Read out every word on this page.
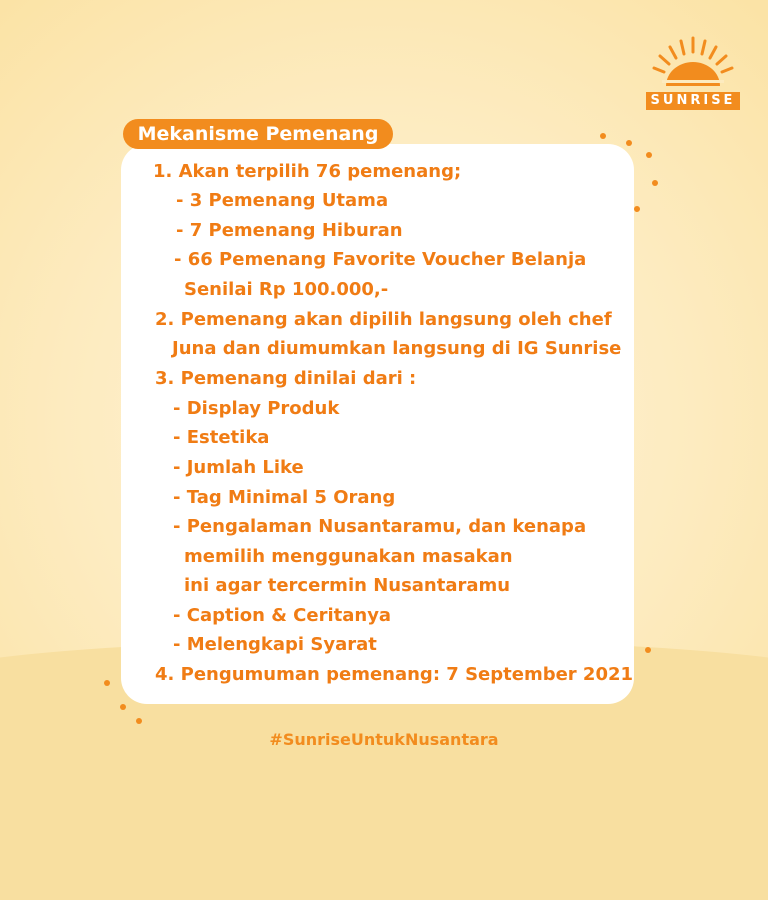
SUNRISE
Mekanisme Pemenang
1. Akan terpilih 76 pemenang;
- 3 Pemenang Utama
- 7 Pemenang Hiburan
- 66 Pemenang Favorite Voucher Belanja
Senilai Rp 100.000,-
2. Pemenang akan dipilih langsung oleh chef
Juna dan diumumkan langsung di IG Sunrise
3. Pemenang dinilai dari :
- Display Produk
- Estetika
- Jumlah Like
- Tag Minimal 5 Orang
- Pengalaman Nusantaramu, dan kenapa
memilih menggunakan masakan
ini agar tercermin Nusantaramu
- Caption & Ceritanya
- Melengkapi Syarat
4. Pengumuman pemenang: 7 September 2021
#SunriseUntukNusantara
